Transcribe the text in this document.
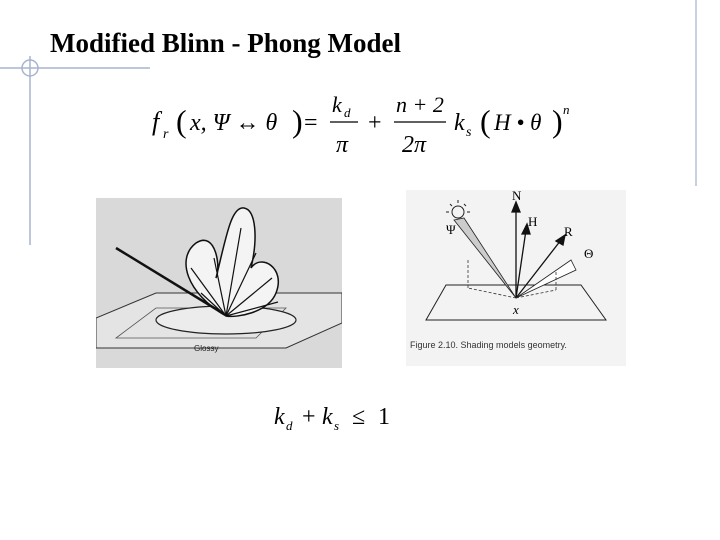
Modified Blinn - Phong Model
f r ( x, Ψ ↔ θ ) =
k d
π
+
n + 2
2π
k s ( H • θ ) n
Glossy
N
H
R
Ψ
Θ
x
Figure 2.10. Shading models geometry.
k d + k s ≤ 1
